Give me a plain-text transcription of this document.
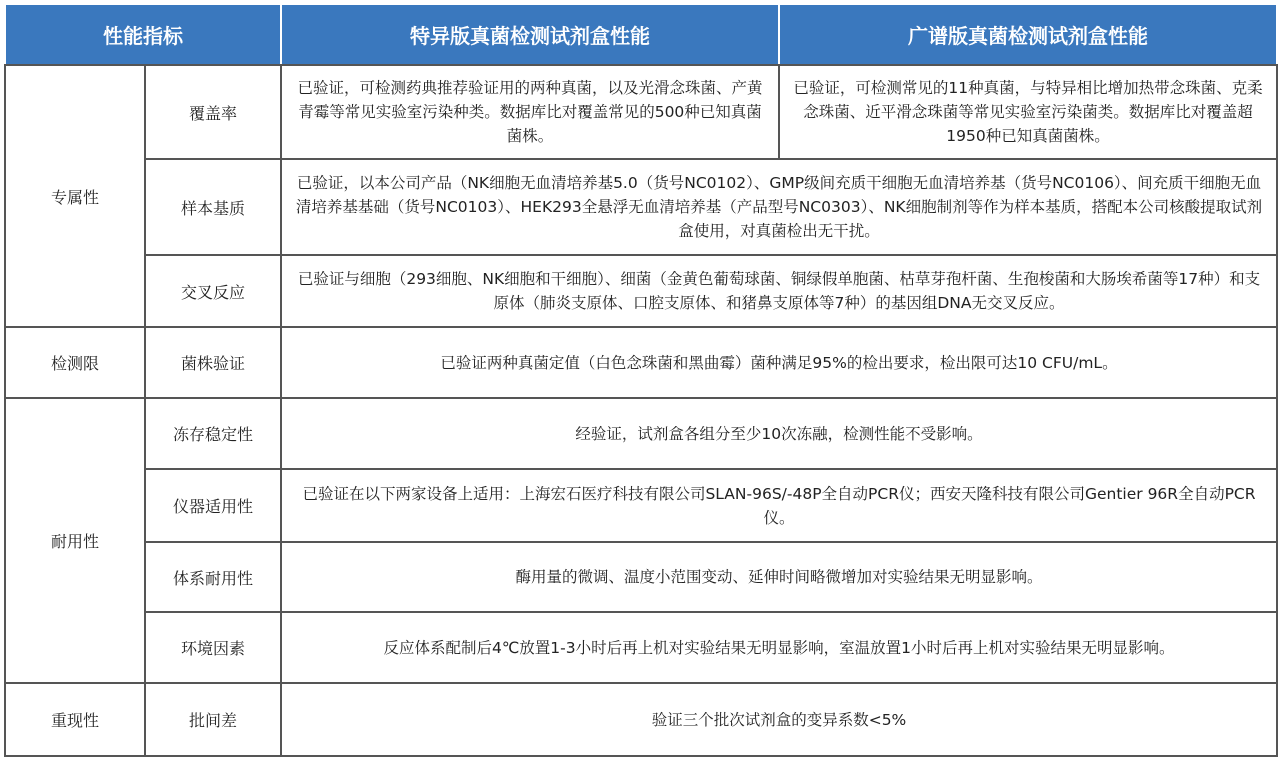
性能指标		特异版真菌检测试剂盒性能	广谱版真菌检测试剂盒性能
专属性	覆盖率	已验证，可检测药典推荐验证用的两种真菌，以及光滑念珠菌、产黄青霉等常见实验室污染种类。数据库比对覆盖常见的500种已知真菌菌株。	已验证，可检测常见的11种真菌，与特异相比增加热带念珠菌、克柔念珠菌、近平滑念珠菌等常见实验室污染菌类。数据库比对覆盖超1950种已知真菌菌株。
	样本基质	已验证，以本公司产品（NK细胞无血清培养基5.0（货号NC0102）、GMP级间充质干细胞无血清培养基（货号NC0106）、间充质干细胞无血清培养基基础（货号NC0103）、HEK293全悬浮无血清培养基（产品型号NC0303）、NK细胞制剂等作为样本基质，搭配本公司核酸提取试剂盒使用，对真菌检出无干扰。	
	交叉反应	已验证与细胞（293细胞、NK细胞和干细胞）、细菌（金黄色葡萄球菌、铜绿假单胞菌、枯草芽孢杆菌、生孢梭菌和大肠埃希菌等17种）和支原体（肺炎支原体、口腔支原体、和猪鼻支原体等7种）的基因组DNA无交叉反应。	
检测限	菌株验证	已验证两种真菌定值（白色念珠菌和黑曲霉）菌种满足95%的检出要求，检出限可达10 CFU/mL。	
耐用性	冻存稳定性	经验证，试剂盒各组分至少10次冻融，检测性能不受影响。	
	仪器适用性	已验证在以下两家设备上适用：上海宏石医疗科技有限公司SLAN-96S/-48P全自动PCR仪；西安天隆科技有限公司Gentier 96R全自动PCR仪。	
	体系耐用性	酶用量的微调、温度小范围变动、延伸时间略微增加对实验结果无明显影响。	
	环境因素	反应体系配制后4℃放置1-3小时后再上机对实验结果无明显影响，室温放置1小时后再上机对实验结果无明显影响。	
重现性	批间差	验证三个批次试剂盒的变异系数<5%	
